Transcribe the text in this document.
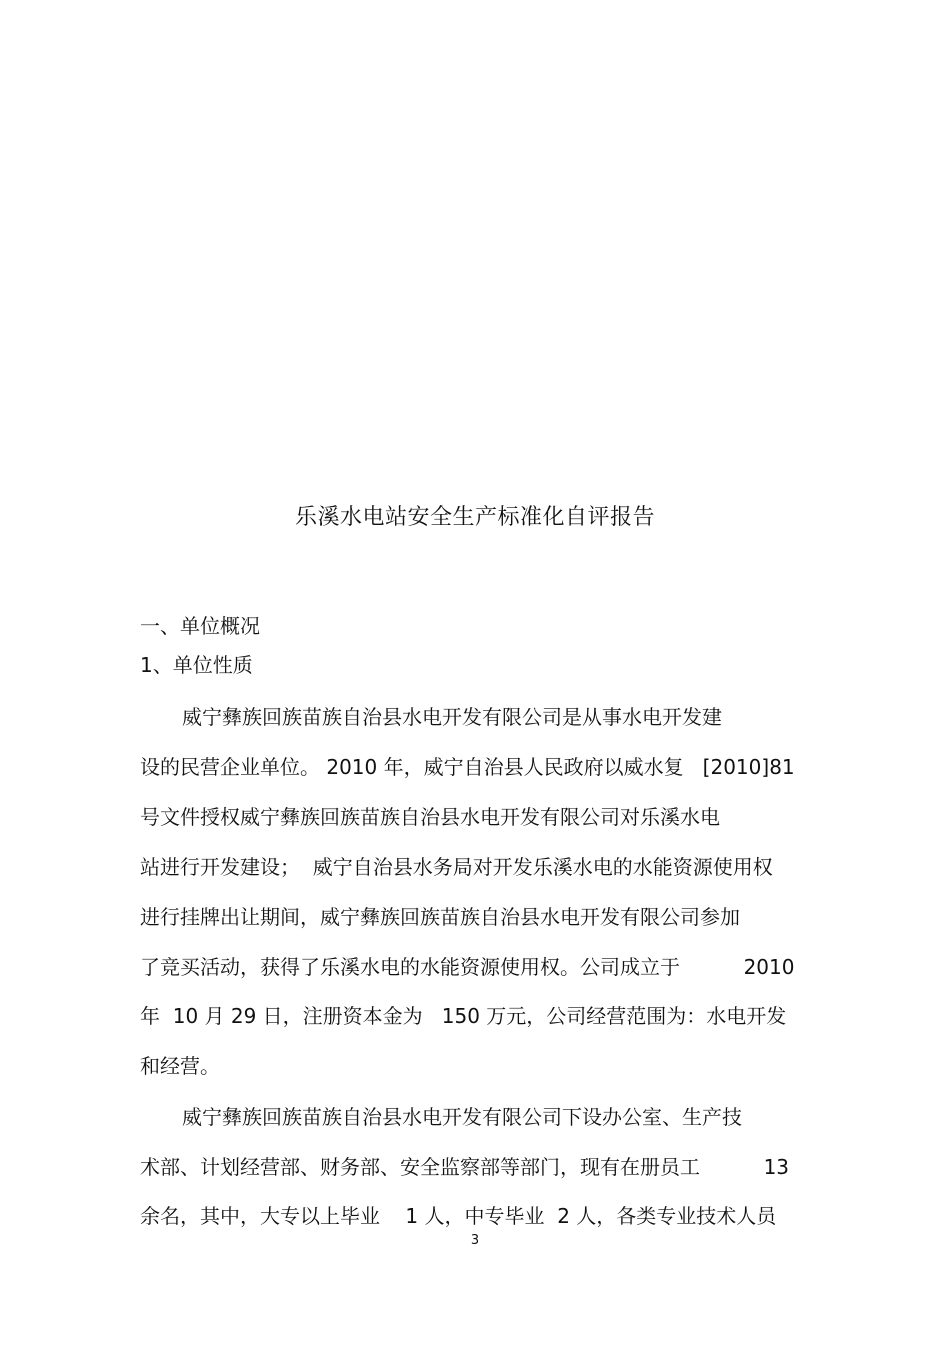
乐溪水电站安全生产标准化自评报告
一、单位概况
1、单位性质
威宁彝族回族苗族自治县水电开发有限公司是从事水电开发建
设的民营企业单位。 2010 年，威宁自治县人民政府以威水复   [2010]81
号文件授权威宁彝族回族苗族自治县水电开发有限公司对乐溪水电
站进行开发建设；  威宁自治县水务局对开发乐溪水电的水能资源使用权
进行挂牌出让期间，威宁彝族回族苗族自治县水电开发有限公司参加
了竞买活动，获得了乐溪水电的水能资源使用权。公司成立于          2010
年  10 月 29 日，注册资本金为   150 万元，公司经营范围为：水电开发
和经营。
威宁彝族回族苗族自治县水电开发有限公司下设办公室、生产技
术部、计划经营部、财务部、安全监察部等部门，现有在册员工          13
余名，其中，大专以上毕业    1 人，中专毕业  2 人，各类专业技术人员
3
